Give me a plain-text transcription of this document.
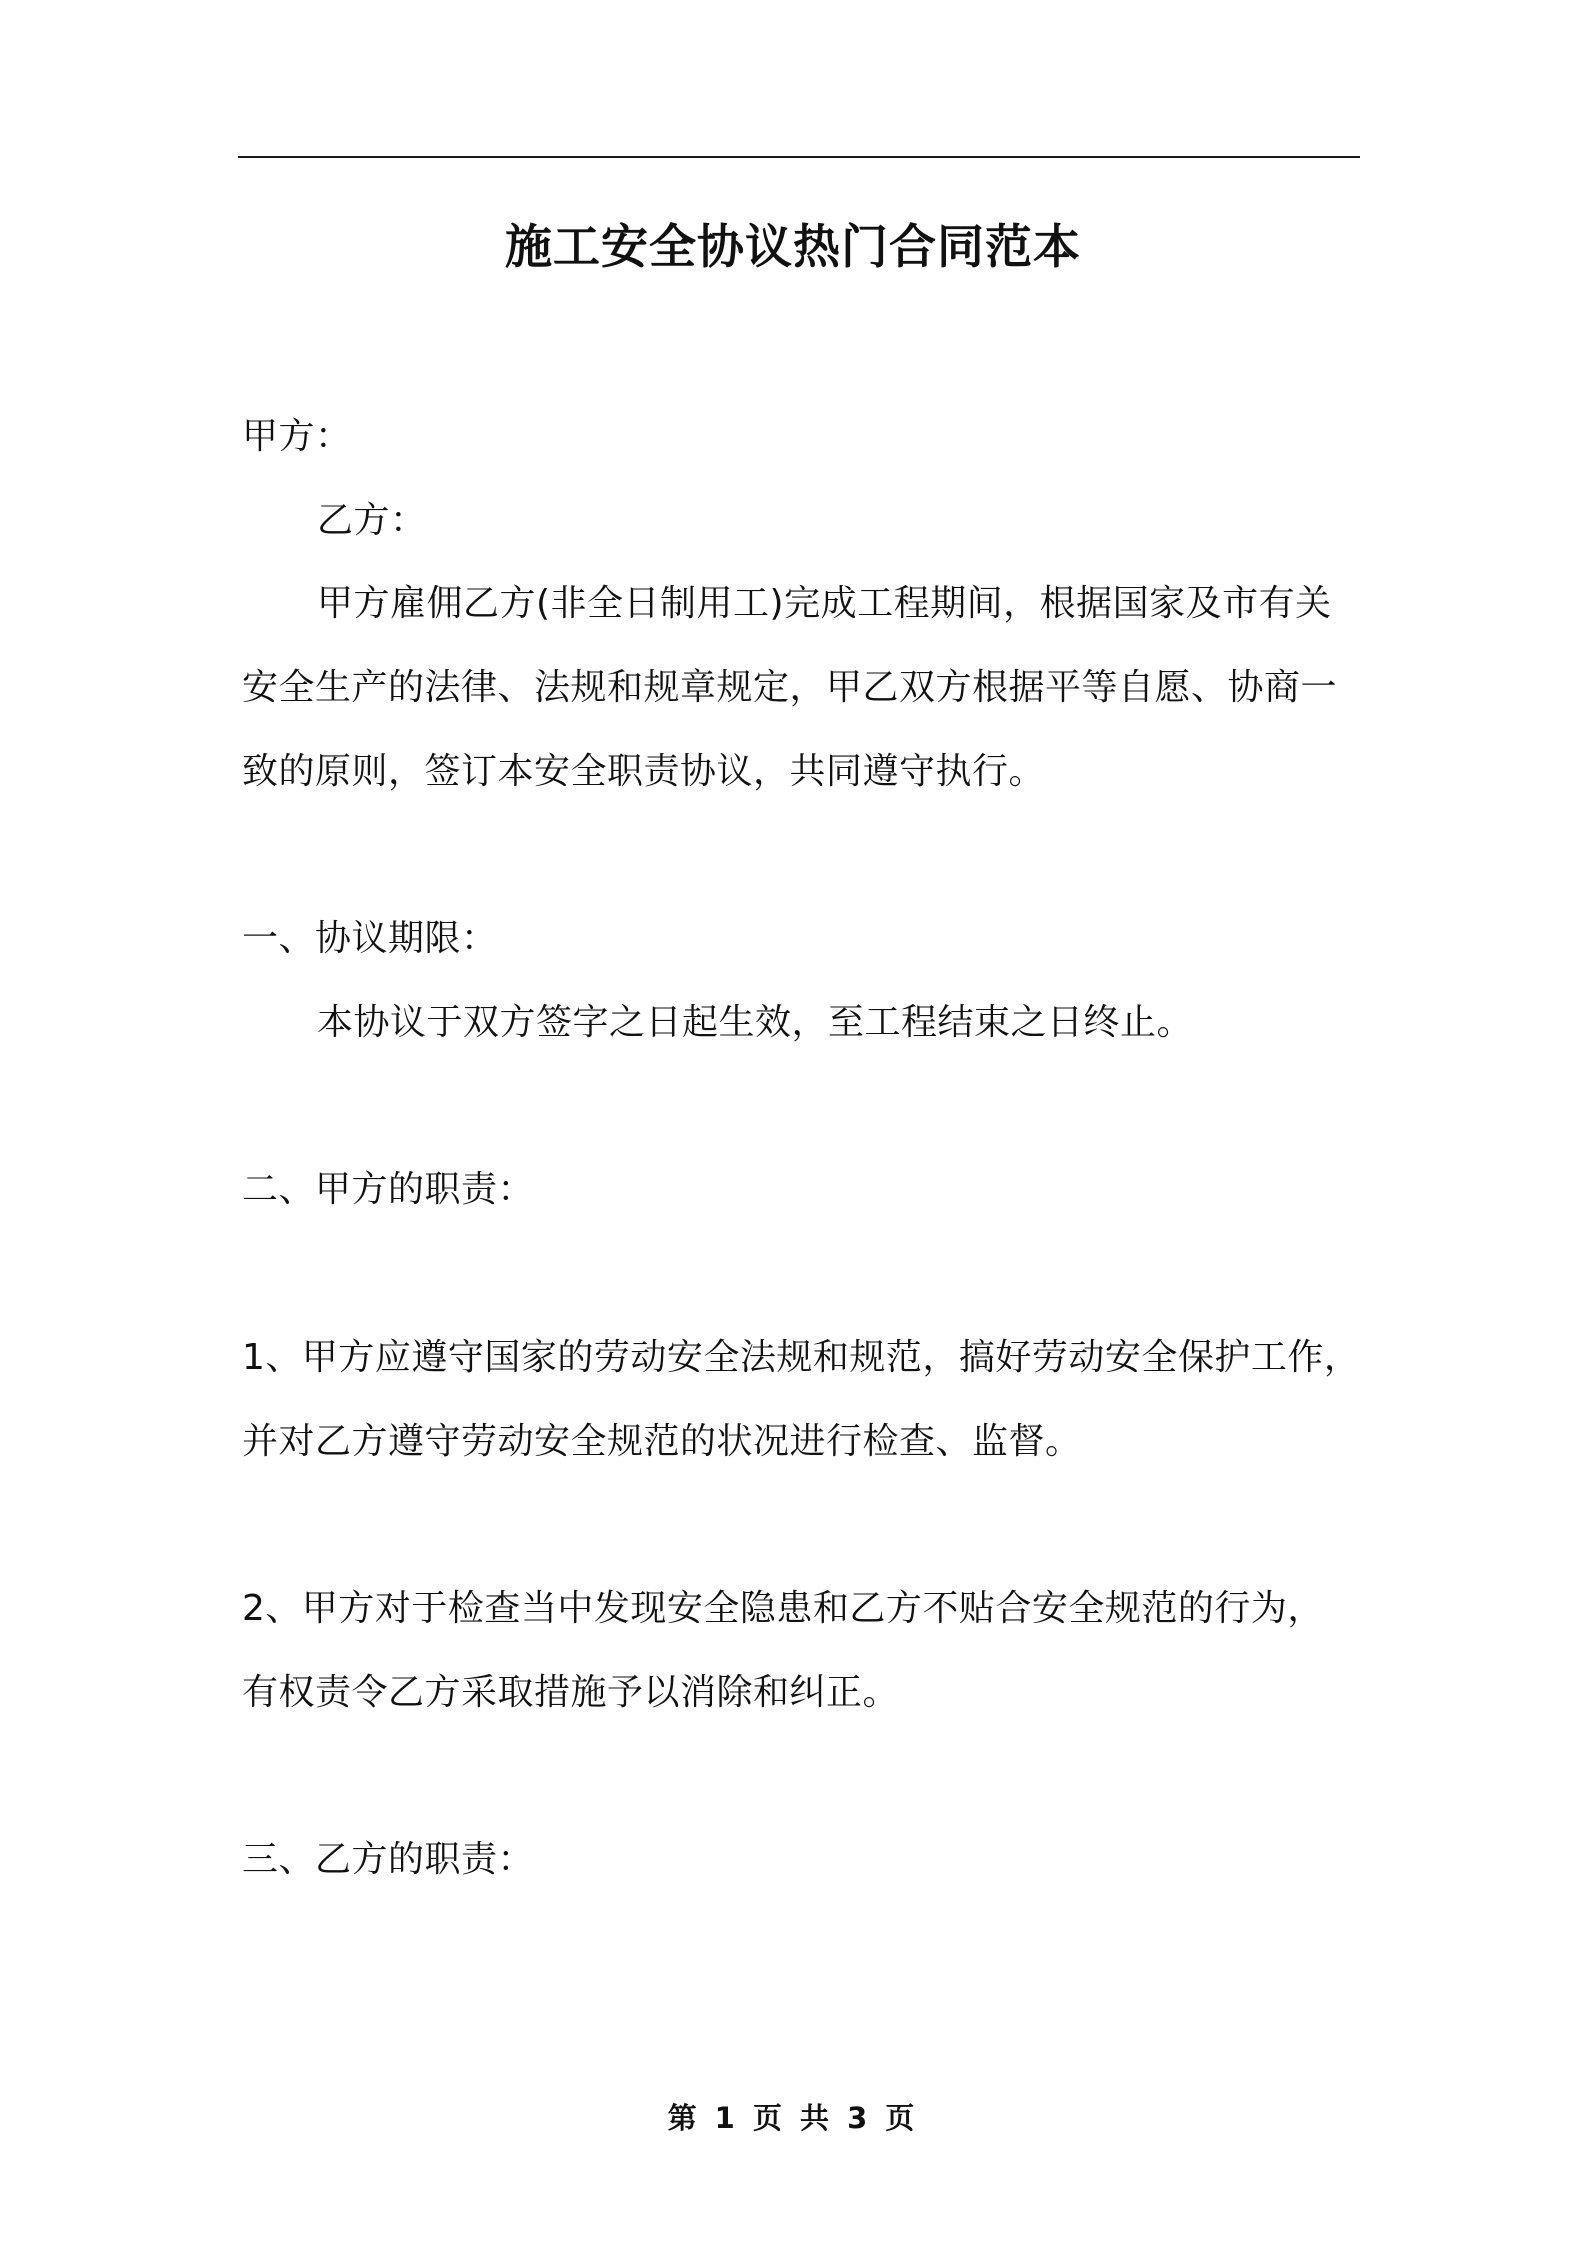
施工安全协议热门合同范本
甲方：
乙方：
甲方雇佣乙方(非全日制用工)完成工程期间，根据国家及市有关
安全生产的法律、法规和规章规定，甲乙双方根据平等自愿、协商一
致的原则，签订本安全职责协议，共同遵守执行。
一、协议期限：
本协议于双方签字之日起生效，至工程结束之日终止。
二、甲方的职责：
1、甲方应遵守国家的劳动安全法规和规范，搞好劳动安全保护工作，
并对乙方遵守劳动安全规范的状况进行检查、监督。
2、甲方对于检查当中发现安全隐患和乙方不贴合安全规范的行为，
有权责令乙方采取措施予以消除和纠正。
三、乙方的职责：
第 1 页 共 3 页
